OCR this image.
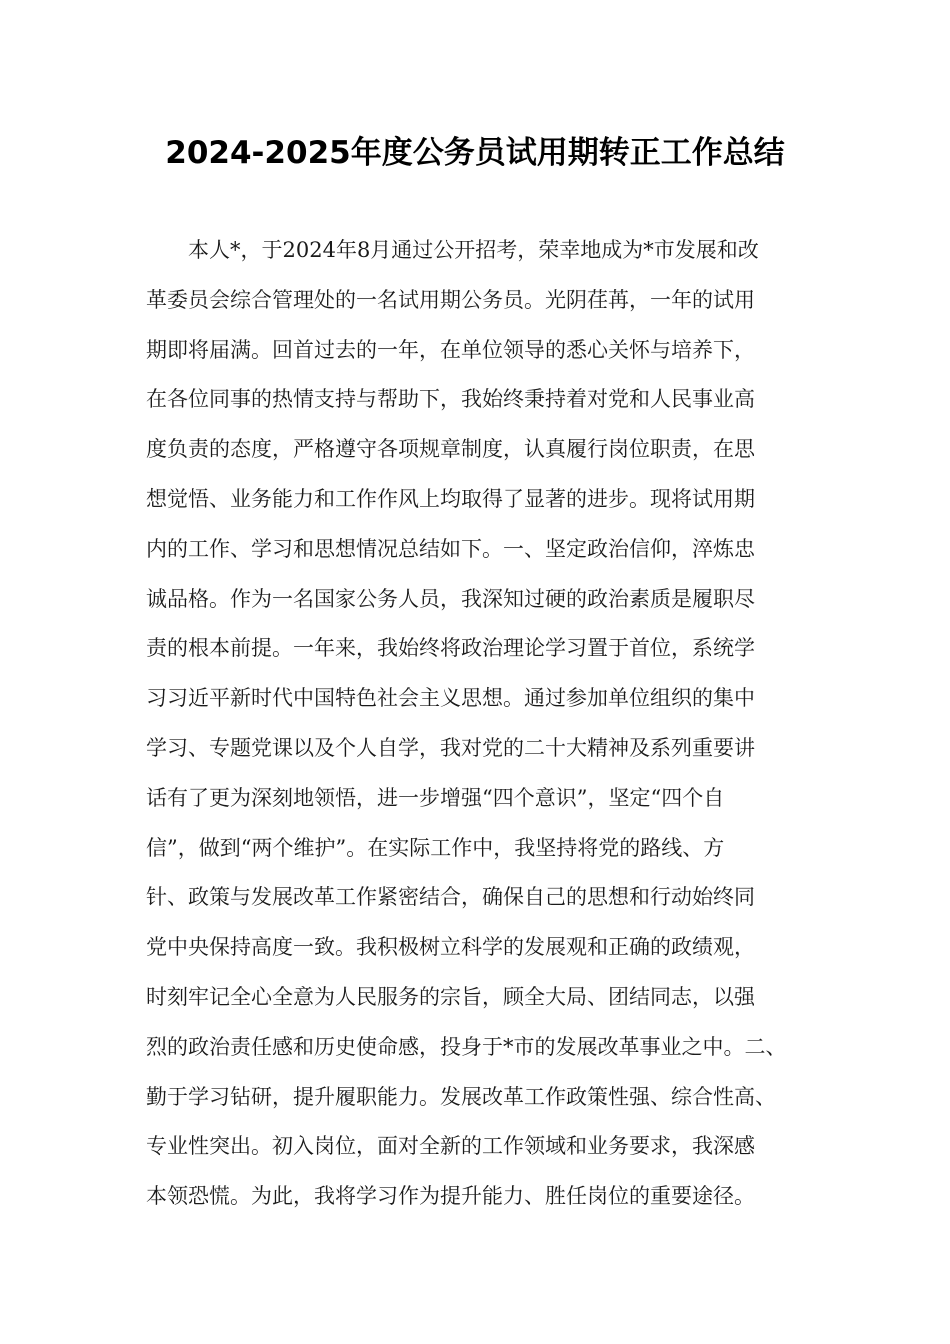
2024-2025年度公务员试用期转正工作总结
本人*，于2024年8月通过公开招考，荣幸地成为*市发展和改
革委员会综合管理处的一名试用期公务员。光阴荏苒，一年的试用
期即将届满。回首过去的一年，在单位领导的悉心关怀与培养下，
在各位同事的热情支持与帮助下，我始终秉持着对党和人民事业高
度负责的态度，严格遵守各项规章制度，认真履行岗位职责，在思
想觉悟、业务能力和工作作风上均取得了显著的进步。现将试用期
内的工作、学习和思想情况总结如下。一、坚定政治信仰，淬炼忠
诚品格。作为一名国家公务人员，我深知过硬的政治素质是履职尽
责的根本前提。一年来，我始终将政治理论学习置于首位，系统学
习习近平新时代中国特色社会主义思想。通过参加单位组织的集中
学习、专题党课以及个人自学，我对党的二十大精神及系列重要讲
话有了更为深刻地领悟，进一步增强“四个意识”，坚定“四个自
信”，做到“两个维护”。在实际工作中，我坚持将党的路线、方
针、政策与发展改革工作紧密结合，确保自己的思想和行动始终同
党中央保持高度一致。我积极树立科学的发展观和正确的政绩观，
时刻牢记全心全意为人民服务的宗旨，顾全大局、团结同志，以强
烈的政治责任感和历史使命感，投身于*市的发展改革事业之中。二、
勤于学习钻研，提升履职能力。发展改革工作政策性强、综合性高、
专业性突出。初入岗位，面对全新的工作领域和业务要求，我深感
本领恐慌。为此，我将学习作为提升能力、胜任岗位的重要途径。
